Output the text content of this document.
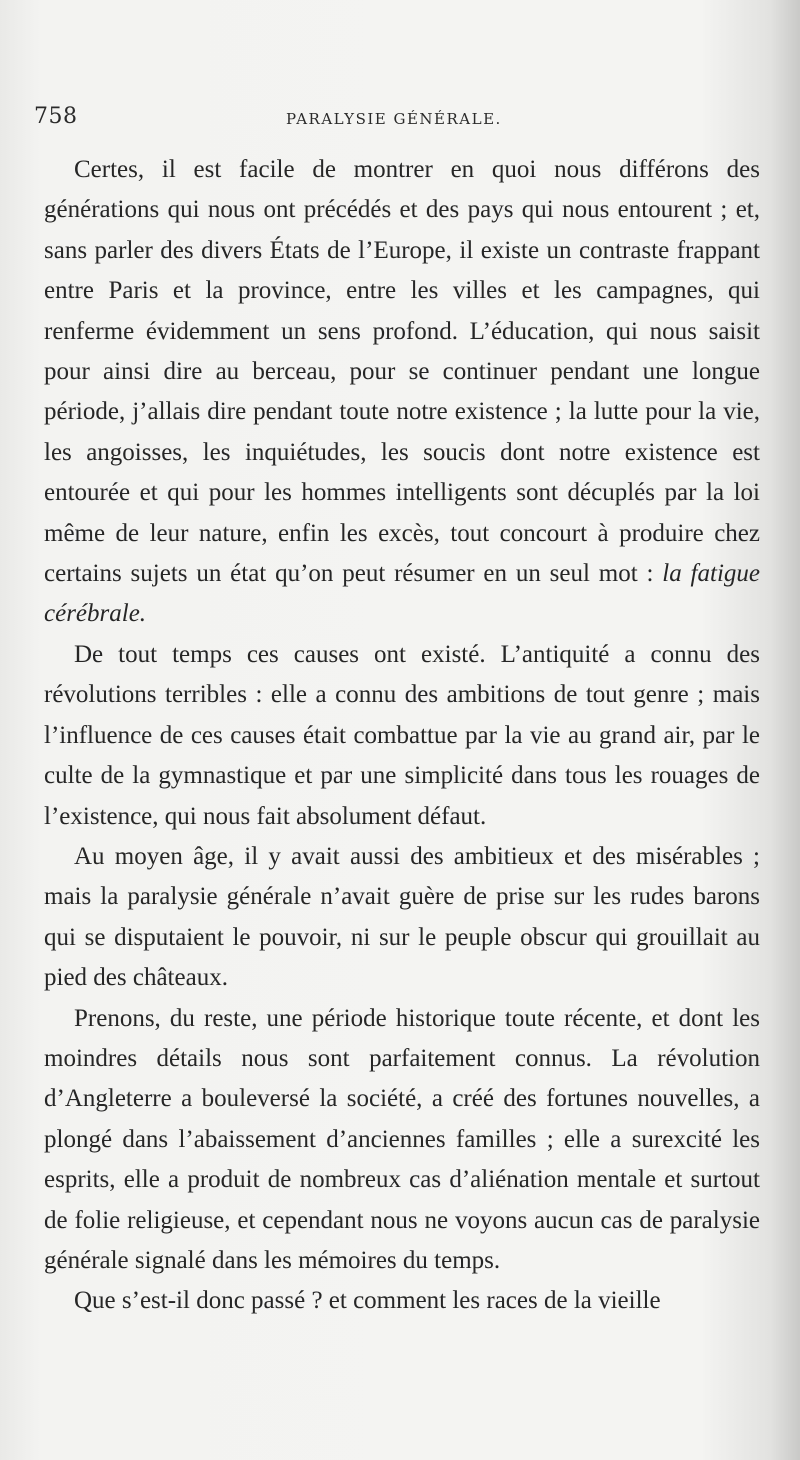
758	PARALYSIE GÉNÉRALE.

Certes, il est facile de montrer en quoi nous différons des générations qui nous ont précédés et des pays qui nous entourent ; et, sans parler des divers États de l’Europe, il existe un contraste frappant entre Paris et la province, entre les villes et les campagnes, qui renferme évidemment un sens profond. L’éducation, qui nous saisit pour ainsi dire au berceau, pour se continuer pendant une longue période, j’allais dire pendant toute notre existence ; la lutte pour la vie, les angoisses, les inquiétudes, les soucis dont notre existence est entourée et qui pour les hommes intelligents sont décuplés par la loi même de leur nature, enfin les excès, tout concourt à produire chez certains sujets un état qu’on peut résumer en un seul mot : la fatigue cérébrale.

De tout temps ces causes ont existé. L’antiquité a connu des révolutions terribles : elle a connu des ambitions de tout genre ; mais l’influence de ces causes était combattue par la vie au grand air, par le culte de la gymnastique et par une simplicité dans tous les rouages de l’existence, qui nous fait absolument défaut.

Au moyen âge, il y avait aussi des ambitieux et des misérables ; mais la paralysie générale n’avait guère de prise sur les rudes barons qui se disputaient le pouvoir, ni sur le peuple obscur qui grouillait au pied des châteaux.

Prenons, du reste, une période historique toute récente, et dont les moindres détails nous sont parfaitement connus. La révolution d’Angleterre a bouleversé la société, a créé des fortunes nouvelles, a plongé dans l’abaissement d’anciennes familles ; elle a surexcité les esprits, elle a produit de nombreux cas d’aliénation mentale et surtout de folie religieuse, et cependant nous ne voyons aucun cas de paralysie générale signalé dans les mémoires du temps.

Que s’est-il donc passé ? et comment les races de la vieille
